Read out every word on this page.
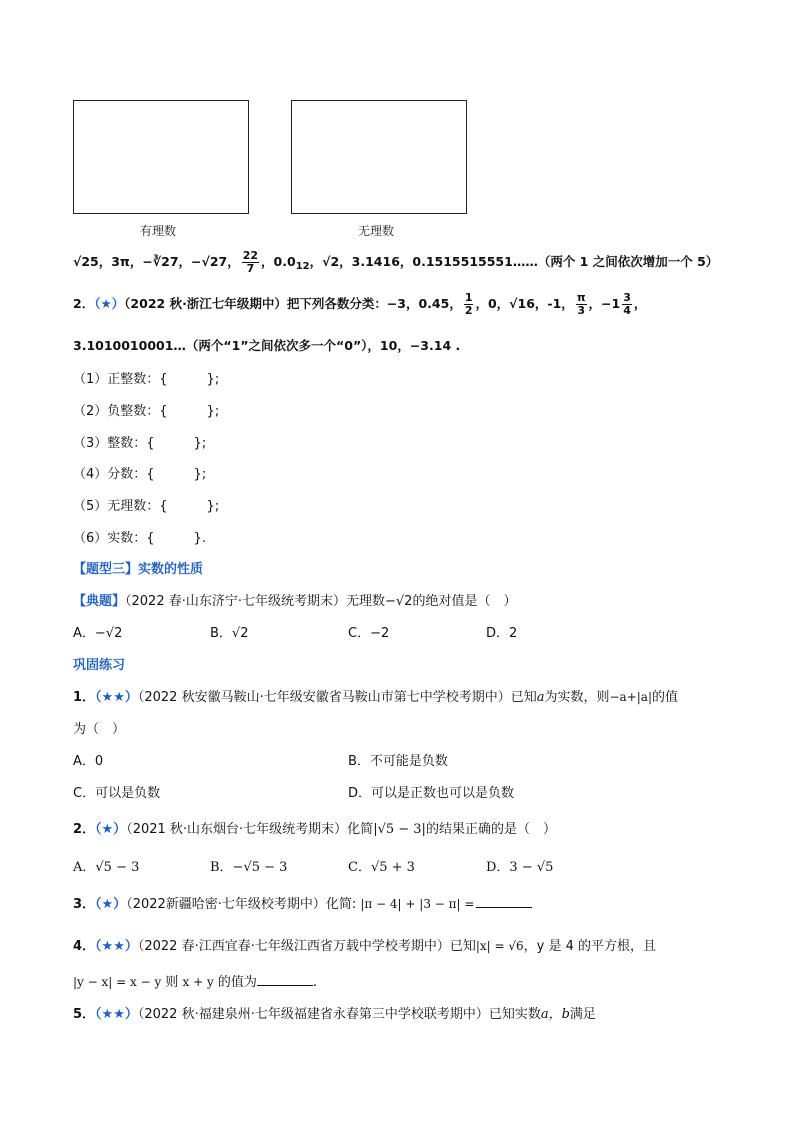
有理数	无理数
√25，3π，−∛27，−√27， $\frac{22}{7}$ ，$0.0_{12}$，√2，3.1416，0.1515515551……（两个 1 之间依次增加一个 5）
2．（★）（2022 秋·浙江七年级期中）把下列各数分类：−3，0.45， $\frac{1}{2}$ ，0，√16，-1， $\frac{\pi}{3}$ ，$-1 \frac{3}{4}$ ，
3.1010010001…（两个“1”之间依次多一个“0”），10，−3.14 .
（1）正整数：{　　　};
（2）负整数：{　　　};
（3）整数：{　　　};
（4）分数：{　　　};
（5）无理数：{　　　};
（6）实数：{　　　}.
【题型三】实数的性质
【典题】（2022 春·山东济宁·七年级统考期末）无理数−√2的绝对值是（　）
A．−√2	B．√2	C．−2	D．2
巩固练习
1．（★★）（2022 秋安徽马鞍山·七年级安徽省马鞍山市第七中学校考期中）已知a为实数，则−a+|a|的值
为（　）
A．0	B．不可能是负数
C．可以是负数	D．可以是正数也可以是负数
2．（★）（2021 秋·山东烟台·七年级统考期末）化简|√5 − 3|的结果正确的是（　）
A．√5 − 3	B．−√5 − 3	C．√5 + 3	D．3 − √5
3．（★）（2022新疆哈密·七年级校考期中）化简: |π − 4| + |3 − π| =
4．（★★）（2022 春·江西宜春·七年级江西省万载中学校考期中）已知|x| = √6，y 是 4 的平方根，且
|y − x| = x − y 则 x + y 的值为	.
5．（★★）（2022 秋·福建泉州·七年级福建省永春第三中学校联考期中）已知实数a，b满足
